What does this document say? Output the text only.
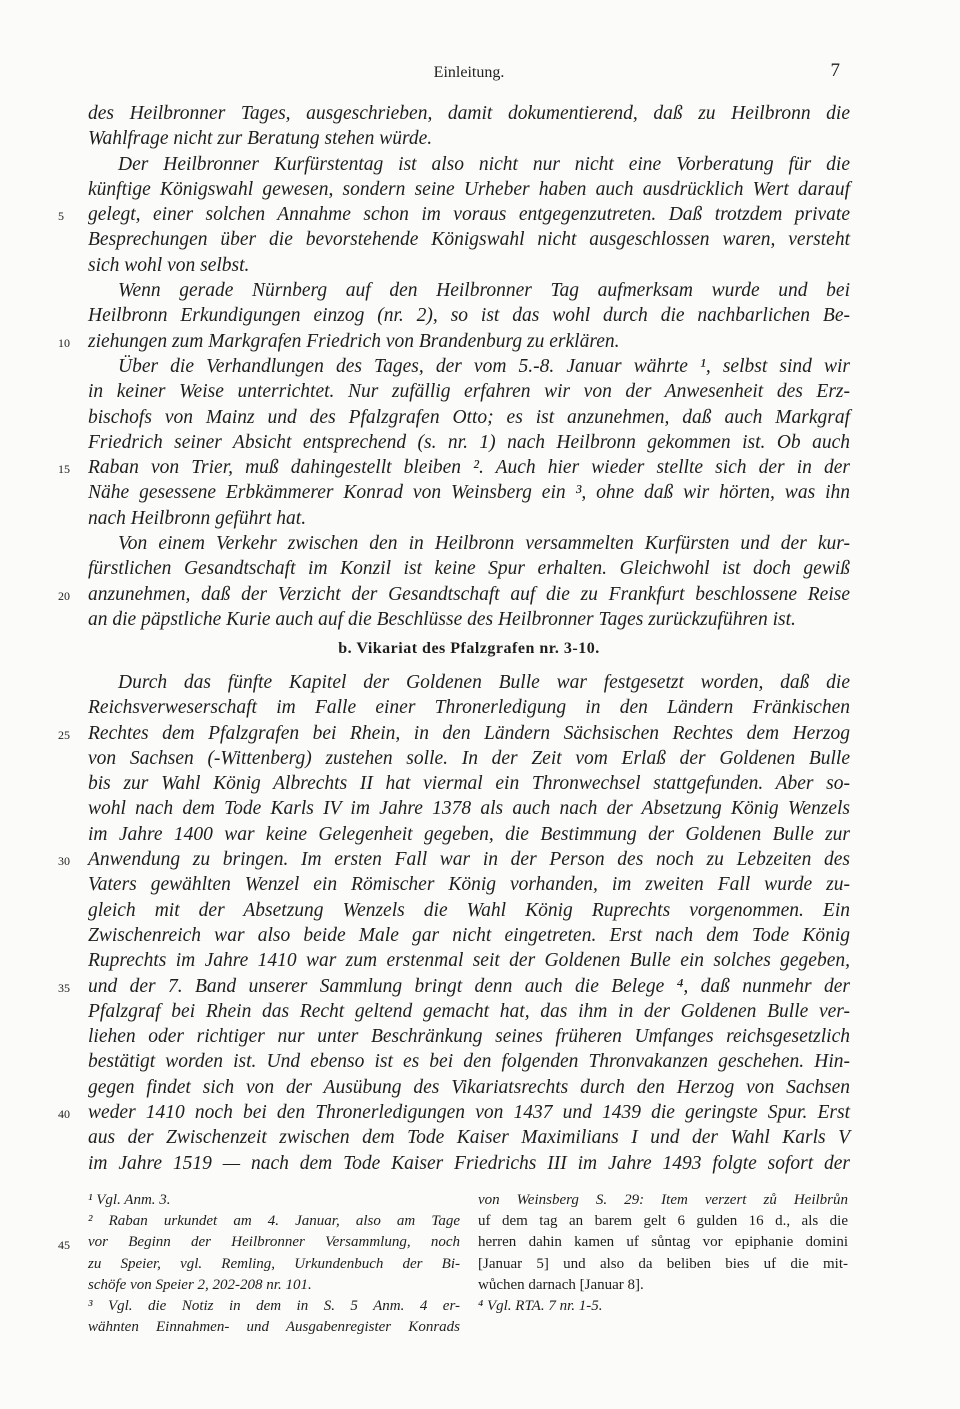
Einleitung.	7
des Heilbronner Tages, ausgeschrieben, damit dokumentierend, daß zu Heilbronn die
Wahlfrage nicht zur Beratung stehen würde.
Der Heilbronner Kurfürstentag ist also nicht nur nicht eine Vorberatung für die
künftige Königswahl gewesen, sondern seine Urheber haben auch ausdrücklich Wert darauf
5	gelegt, einer solchen Annahme schon im voraus entgegenzutreten. Daß trotzdem private
Besprechungen über die bevorstehende Königswahl nicht ausgeschlossen waren, versteht
sich wohl von selbst.
Wenn gerade Nürnberg auf den Heilbronner Tag aufmerksam wurde und bei
Heilbronn Erkundigungen einzog (nr. 2), so ist das wohl durch die nachbarlichen Be-
10 ziehungen zum Markgrafen Friedrich von Brandenburg zu erklären.
Über die Verhandlungen des Tages, der vom 5.-8. Januar währte ¹, selbst sind wir
in keiner Weise unterrichtet. Nur zufällig erfahren wir von der Anwesenheit des Erz-
bischofs von Mainz und des Pfalzgrafen Otto; es ist anzunehmen, daß auch Markgraf
Friedrich seiner Absicht entsprechend (s. nr. 1) nach Heilbronn gekommen ist. Ob auch
15 Raban von Trier, muß dahingestellt bleiben ². Auch hier wieder stellte sich der in der
Nähe gesessene Erbkämmerer Konrad von Weinsberg ein ³, ohne daß wir hörten, was ihn
nach Heilbronn geführt hat.
Von einem Verkehr zwischen den in Heilbronn versammelten Kurfürsten und der kur-
fürstlichen Gesandtschaft im Konzil ist keine Spur erhalten. Gleichwohl ist doch gewiß
20 anzunehmen, daß der Verzicht der Gesandtschaft auf die zu Frankfurt beschlossene Reise
an die päpstliche Kurie auch auf die Beschlüsse des Heilbronner Tages zurückzuführen ist.
b. Vikariat des Pfalzgrafen nr. 3-10.
Durch das fünfte Kapitel der Goldenen Bulle war festgesetzt worden, daß die
Reichsverweserschaft im Falle einer Thronerledigung in den Ländern Fränkischen
25 Rechtes dem Pfalzgrafen bei Rhein, in den Ländern Sächsischen Rechtes dem Herzog
von Sachsen (-Wittenberg) zustehen solle. In der Zeit vom Erlaß der Goldenen Bulle
bis zur Wahl König Albrechts II hat viermal ein Thronwechsel stattgefunden. Aber so-
wohl nach dem Tode Karls IV im Jahre 1378 als auch nach der Absetzung König Wenzels
im Jahre 1400 war keine Gelegenheit gegeben, die Bestimmung der Goldenen Bulle zur
30 Anwendung zu bringen. Im ersten Fall war in der Person des noch zu Lebzeiten des
Vaters gewählten Wenzel ein Römischer König vorhanden, im zweiten Fall wurde zu-
gleich mit der Absetzung Wenzels die Wahl König Ruprechts vorgenommen. Ein
Zwischenreich war also beide Male gar nicht eingetreten. Erst nach dem Tode König
Ruprechts im Jahre 1410 war zum erstenmal seit der Goldenen Bulle ein solches gegeben,
35 und der 7. Band unserer Sammlung bringt denn auch die Belege ⁴, daß nunmehr der
Pfalzgraf bei Rhein das Recht geltend gemacht hat, das ihm in der Goldenen Bulle ver-
liehen oder richtiger nur unter Beschränkung seines früheren Umfanges reichsgesetzlich
bestätigt worden ist. Und ebenso ist es bei den folgenden Thronvakanzen geschehen. Hin-
gegen findet sich von der Ausübung des Vikariatsrechts durch den Herzog von Sachsen
40 weder 1410 noch bei den Thronerledigungen von 1437 und 1439 die geringste Spur. Erst
aus der Zwischenzeit zwischen dem Tode Kaiser Maximilians I und der Wahl Karls V
im Jahre 1519 — nach dem Tode Kaiser Friedrichs III im Jahre 1493 folgte sofort der
¹ Vgl. Anm. 3.
² Raban urkundet am 4. Januar, also am Tage
45	vor Beginn der Heilbronner Versammlung, noch
zu Speier, vgl. Remling, Urkundenbuch der Bi-
schöfe von Speier 2, 202-208 nr. 101.
³ Vgl. die Notiz in dem in S. 5 Anm. 4 er-
wähnten Einnahmen- und Ausgabenregister Konrads
von Weinsberg S. 29: Item verzert zů Heilbrůn
uf dem tag an barem gelt 6 gulden 16 d., als die
herren dahin kamen uf sůntag vor epiphanie domini
[Januar 5] und also da beliben bies uf die mit-
wůchen darnach [Januar 8].
⁴ Vgl. RTA. 7 nr. 1-5.
